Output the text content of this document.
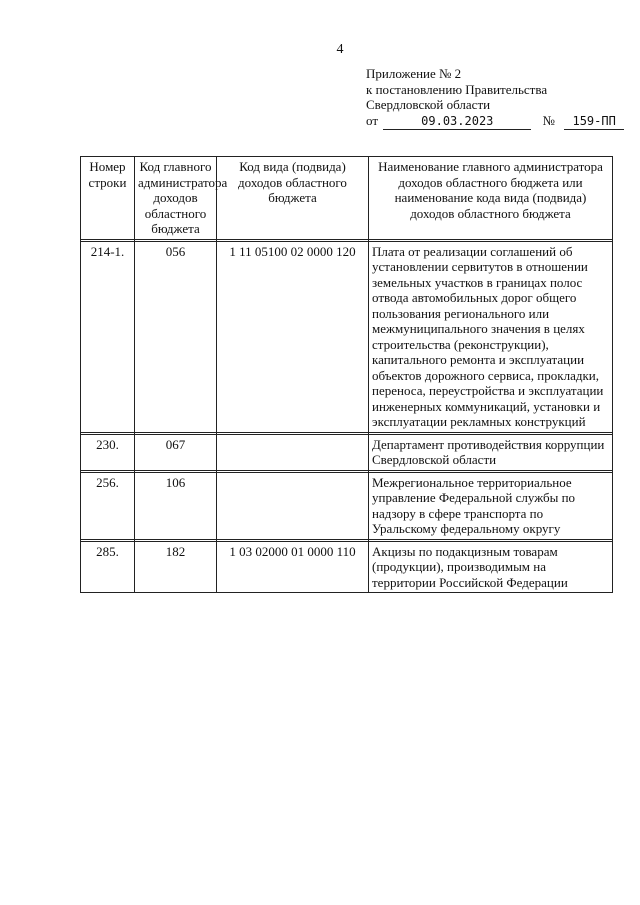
4
Приложение № 2
к постановлению Правительства
Свердловской области
от	09.03.2023	№ 159-ПП
Номер строки	Код главного администратора доходов областного бюджета	Код вида (подвида) доходов областного бюджета	Наименование главного администратора доходов областного бюджета или наименование кода вида (подвида) доходов областного бюджета

214-1.	056	1 11 05100 02 0000 120	Плата от реализации соглашений об установлении сервитутов в отношении земельных участков в границах полос отвода автомобильных дорог общего пользования регионального или межмуниципального значения в целях строительства (реконструкции), капитального ремонта и эксплуатации объектов дорожного сервиса, прокладки, переноса, переустройства и эксплуатации инженерных коммуникаций, установки и эксплуатации рекламных конструкций

230.	067		Департамент противодействия коррупции Свердловской области

256.	106		Межрегиональное территориальное управление Федеральной службы по надзору в сфере транспорта по Уральскому федеральному округу

285.	182	1 03 02000 01 0000 110	Акцизы по подакцизным товарам (продукции), производимым на территории Российской Федерации
